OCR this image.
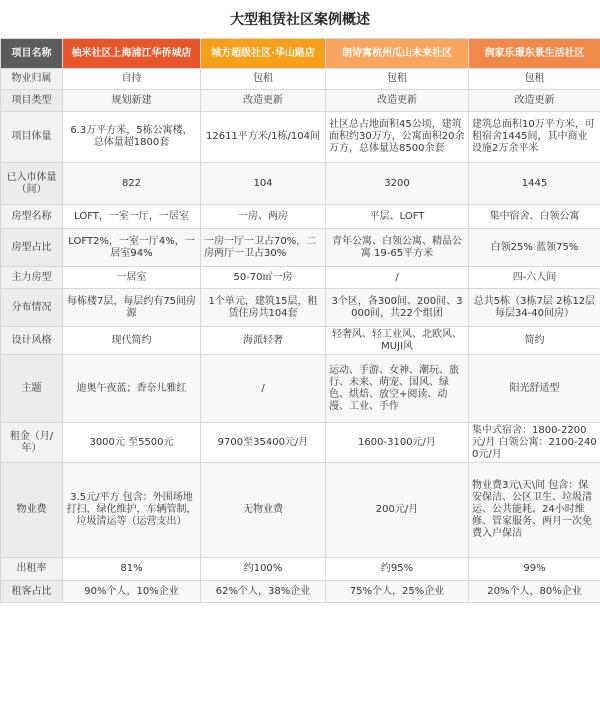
大型租赁社区案例概述
项目名称	柚米社区上海浦江华侨城店	城方超级社区·华山路店	朗诗寓杭州瓜山未来社区	润家乐璟东景生活社区
物业归属	自持	包租	包租	包租
项目类型	规划新建	改造更新	改造更新	改造更新
项目体量	6.3万平方米，5栋公寓楼，总体量超1800套	12611平方米/1栋/104间	社区总占地面积45公顷，建筑面积约30万方，公寓面积20余万方，总体量达8500余套	建筑总面积10万平方米，可租宿舍1445间，其中商业设施2万余平米
已入市体量（间）	822	104	3200	1445
房型名称	LOFT，一室一厅，一居室	一房、两房	平层、LOFT	集中宿舍、白领公寓
房型占比	LOFT2%，一室一厅4%，一居室94%	一房一厅一卫占70%，二房两厅一卫占30%	青年公寓、白领公寓、精品公寓 19-65平方米	白领25% 蓝领75%
主力房型	一居室	50-70㎡一房	/	四-六人间
分布情况	每栋楼7层，每层约有75间房源	1个单元，建筑15层，租赁住房共104套	3个区，各300间、200间、3000间，共22个组团	总共5栋（3栋7层 2栋12层 每层34-40间房）
设计风格	现代简约	海派轻奢	轻奢风、轻工业风、北欧风、MUJI风	简约
主题	迪奥午夜蓝；香奈儿雅红	/	运动、手游、女神、潮玩、旅行、未来、萌宠、国风、绿色、烘焙、放空+阅读、动漫、工业、手作	阳光舒适型
租金（月/年）	3000元 至5500元	9700至35400元/月	1600-3100元/月	集中式宿舍：1800-2200元/月 白领公寓：2100-2400元/月
物业费	3.5元/平方 包含：外围场地打扫，绿化维护，车辆管制，垃圾清运等（运营支出）	无物业费	200元/月	物业费3元\天\间 包含：保安保洁、公区卫生、垃圾清运、公共能耗、24小时维修、管家服务、两月一次免费入户保洁
出租率	81%	约100%	约95%	99%
租客占比	90%个人，10%企业	62%个人，38%企业	75%个人，25%企业	20%个人，80%企业
